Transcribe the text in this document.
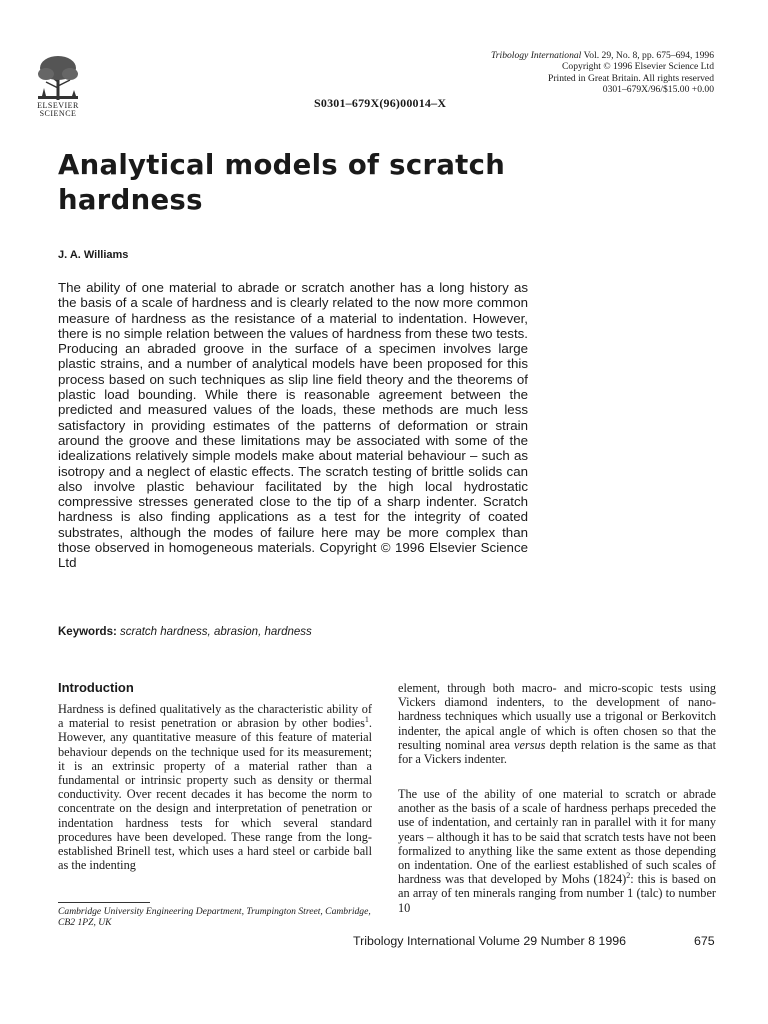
ELSEVIER
SCIENCE
S0301–679X(96)00014–X
Tribology International Vol. 29, No. 8, pp. 675–694, 1996
Copyright © 1996 Elsevier Science Ltd
Printed in Great Britain. All rights reserved
0301–679X/96/$15.00 +0.00
Analytical models of scratch hardness
J. A. Williams

The ability of one material to abrade or scratch another has a long history as the basis of a scale of hardness and is clearly related to the now more common measure of hardness as the resistance of a material to indentation. However, there is no simple relation between the values of hardness from these two tests. Producing an abraded groove in the surface of a specimen involves large plastic strains, and a number of analytical models have been proposed for this process based on such techniques as slip line field theory and the theorems of plastic load bounding. While there is reasonable agreement between the predicted and measured values of the loads, these methods are much less satisfactory in providing estimates of the patterns of deformation or strain around the groove and these limitations may be associated with some of the idealizations relatively simple models make about material behaviour – such as isotropy and a neglect of elastic effects. The scratch testing of brittle solids can also involve plastic behaviour facilitated by the high local hydrostatic compressive stresses generated close to the tip of a sharp indenter. Scratch hardness is also finding applications as a test for the integrity of coated substrates, although the modes of failure here may be more complex than those observed in homogeneous materials. Copyright © 1996 Elsevier Science Ltd

Keywords: scratch hardness, abrasion, hardness
Introduction

Hardness is defined qualitatively as the characteristic ability of a material to resist penetration or abrasion by other bodies$^1$. However, any quantitative measure of this feature of material behaviour depends on the technique used for its measurement; it is an extrinsic property of a material rather than a fundamental or intrinsic property such as density or thermal conductivity. Over recent decades it has become the norm to concentrate on the design and interpretation of penetration or indentation hardness tests for which several standard procedures have been developed. These range from the long-established Brinell test, which uses a hard steel or carbide ball as the indenting

element, through both macro- and micro-scopic tests using Vickers diamond indenters, to the development of nano-hardness techniques which usually use a trigonal or Berkovitch indenter, the apical angle of which is often chosen so that the resulting nominal area versus depth relation is the same as that for a Vickers indenter.

The use of the ability of one material to scratch or abrade another as the basis of a scale of hardness perhaps preceded the use of indentation, and certainly ran in parallel with it for many years – although it has to be said that scratch tests have not been formalized to anything like the same extent as those depending on indentation. One of the earliest established of such scales of hardness was that developed by Mohs $(1824)^2$: this is based on an array of ten minerals ranging from number 1 (talc) to number 10

Cambridge University Engineering Department, Trumpington Street, Cambridge, CB2 1PZ, UK
Tribology International Volume 29 Number 8 1996	675
